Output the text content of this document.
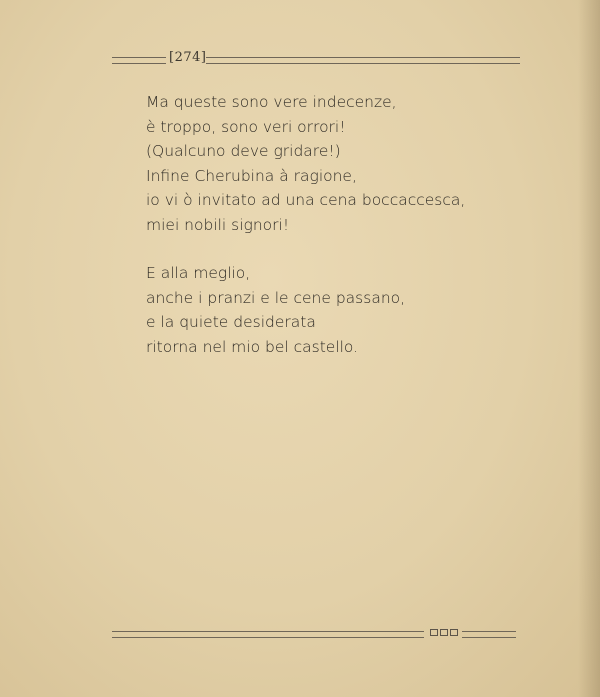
[274]
Ma queste sono vere indecenze,
è troppo, sono veri orrori!
(Qualcuno deve gridare!)
Infine Cherubina à ragione,
io vi ò invitato ad una cena boccaccesca,
miei nobili signori!
E alla meglio,
anche i pranzi e le cene passano,
e la quiete desiderata
ritorna nel mio bel castello.
